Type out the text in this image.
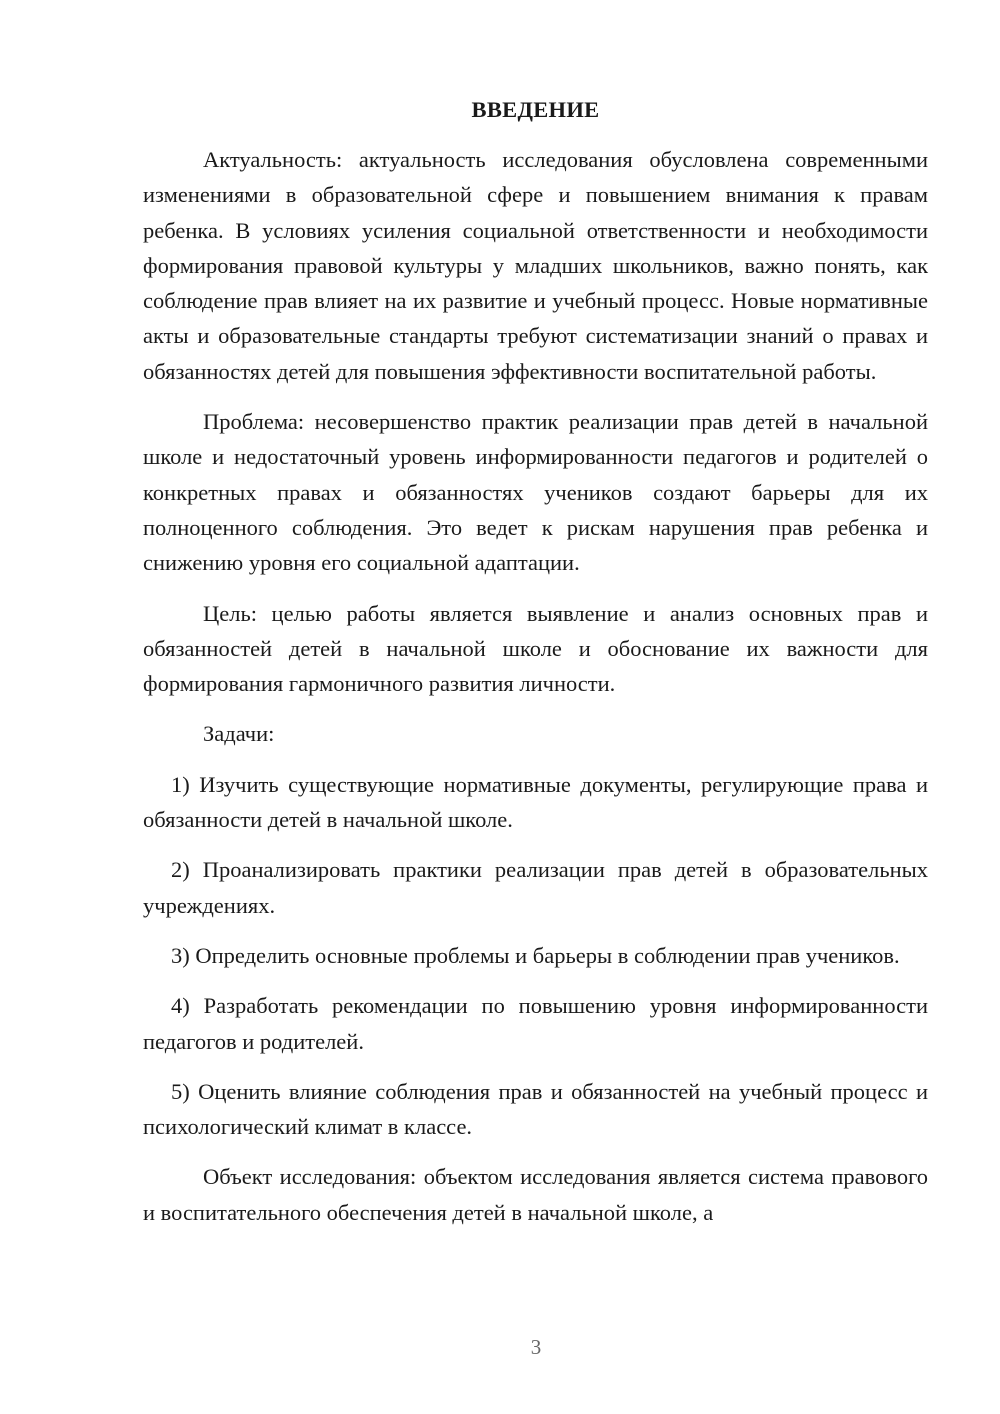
ВВЕДЕНИЕ

Актуальность: актуальность исследования обусловлена современными изменениями в образовательной сфере и повышением внимания к правам ребенка. В условиях усиления социальной ответственности и необходимости формирования правовой культуры у младших школьников, важно понять, как соблюдение прав влияет на их развитие и учебный процесс. Новые нормативные акты и образовательные стандарты требуют систематизации знаний о правах и обязанностях детей для повышения эффективности воспитательной работы.

Проблема: несовершенство практик реализации прав детей в начальной школе и недостаточный уровень информированности педагогов и родителей о конкретных правах и обязанностях учеников создают барьеры для их полноценного соблюдения. Это ведет к рискам нарушения прав ребенка и снижению уровня его социальной адаптации.

Цель: целью работы является выявление и анализ основных прав и обязанностей детей в начальной школе и обоснование их важности для формирования гармоничного развития личности.

Задачи:

1) Изучить существующие нормативные документы, регулирующие права и обязанности детей в начальной школе.

2) Проанализировать практики реализации прав детей в образовательных учреждениях.

3) Определить основные проблемы и барьеры в соблюдении прав учеников.

4) Разработать рекомендации по повышению уровня информированности педагогов и родителей.

5) Оценить влияние соблюдения прав и обязанностей на учебный процесс и психологический климат в классе.

Объект исследования: объектом исследования является система правового и воспитательного обеспечения детей в начальной школе, а

3
